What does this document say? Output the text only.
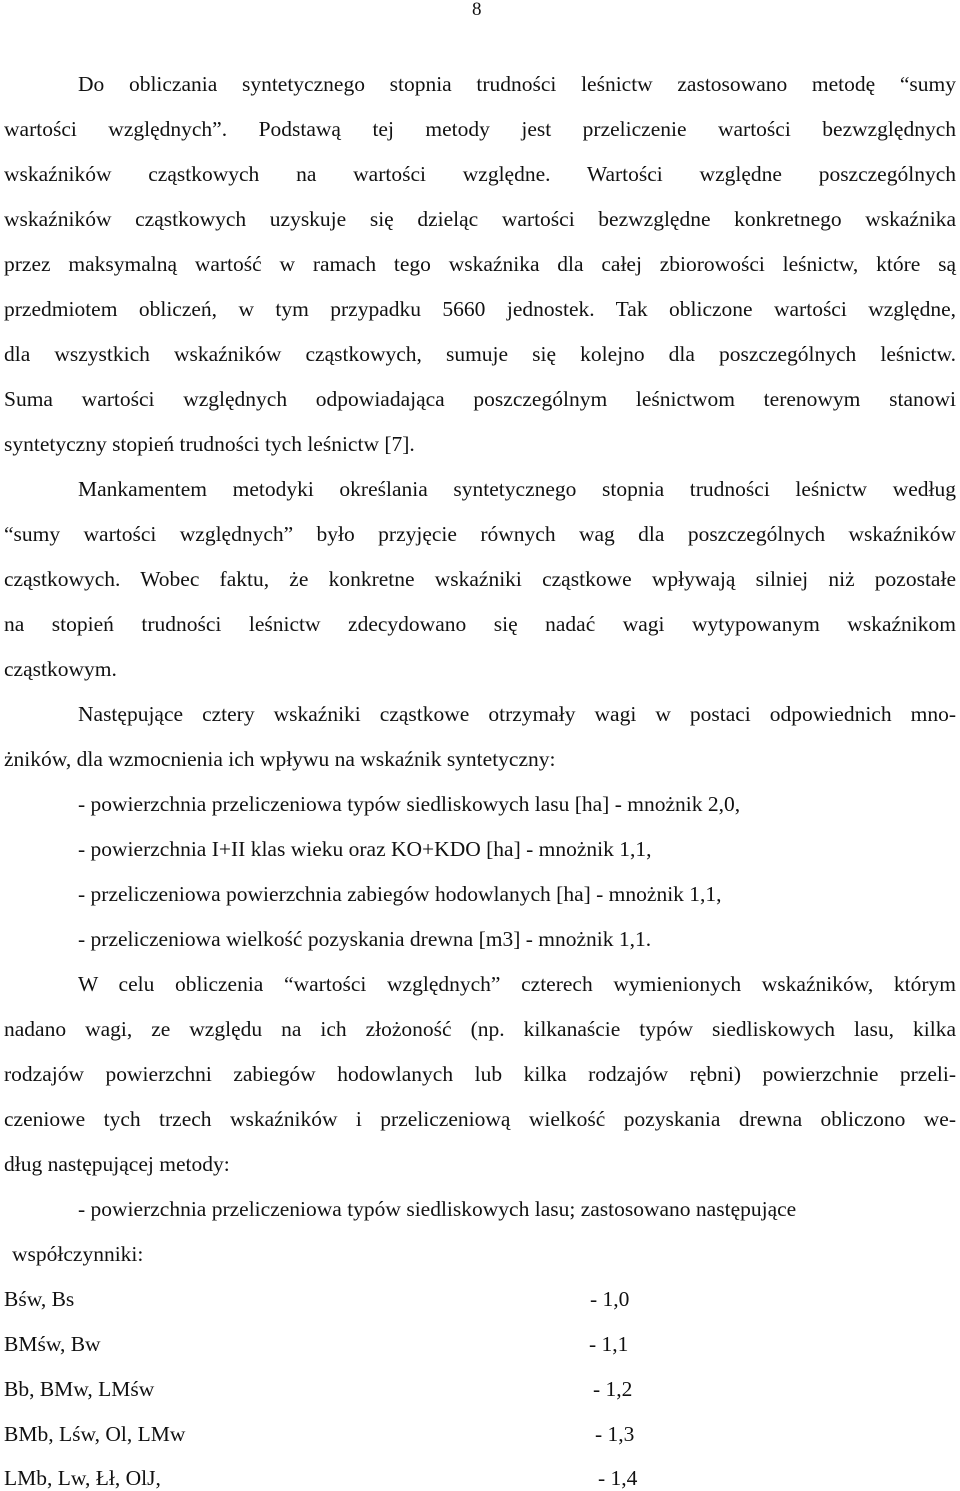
8
Do obliczania syntetycznego stopnia trudności leśnictw zastosowano metodę “sumy
wartości względnych”. Podstawą tej metody jest przeliczenie wartości bezwzględnych
wskaźników cząstkowych na wartości względne. Wartości względne poszczególnych
wskaźników cząstkowych uzyskuje się dzieląc wartości bezwzględne konkretnego wskaźnika
przez maksymalną wartość w ramach tego wskaźnika dla całej zbiorowości leśnictw, które są
przedmiotem obliczeń, w tym przypadku 5660 jednostek. Tak obliczone wartości względne,
dla wszystkich wskaźników cząstkowych, sumuje się kolejno dla poszczególnych leśnictw.
Suma wartości względnych odpowiadająca poszczególnym leśnictwom terenowym stanowi
syntetyczny stopień trudności tych leśnictw [7].
Mankamentem metodyki określania syntetycznego stopnia trudności leśnictw według
“sumy wartości względnych” było przyjęcie równych wag dla poszczególnych wskaźników
cząstkowych. Wobec faktu, że konkretne wskaźniki cząstkowe wpływają silniej niż pozostałe
na stopień trudności leśnictw zdecydowano się nadać wagi wytypowanym wskaźnikom
cząstkowym.
Następujące cztery wskaźniki cząstkowe otrzymały wagi w postaci odpowiednich mno-
żników, dla wzmocnienia ich wpływu na wskaźnik syntetyczny:
- powierzchnia przeliczeniowa typów siedliskowych lasu [ha] - mnożnik 2,0,
- powierzchnia I+II klas wieku oraz KO+KDO [ha] - mnożnik 1,1,
- przeliczeniowa powierzchnia zabiegów hodowlanych [ha] - mnożnik 1,1,
- przeliczeniowa wielkość pozyskania drewna [m3] - mnożnik 1,1.
W celu obliczenia “wartości względnych” czterech wymienionych wskaźników, którym
nadano wagi, ze względu na ich złożoność (np. kilkanaście typów siedliskowych lasu, kilka
rodzajów powierzchni zabiegów hodowlanych lub kilka rodzajów rębni) powierzchnie przeli-
czeniowe tych trzech wskaźników i przeliczeniową wielkość pozyskania drewna obliczono we-
dług następującej metody:
- powierzchnia przeliczeniowa typów siedliskowych lasu; zastosowano następujące
współczynniki:
Bśw, Bs	- 1,0
BMśw, Bw	- 1,1
Bb, BMw, LMśw	- 1,2
BMb, Lśw, Ol, LMw	- 1,3
LMb, Lw, Łł, OlJ,	- 1,4
